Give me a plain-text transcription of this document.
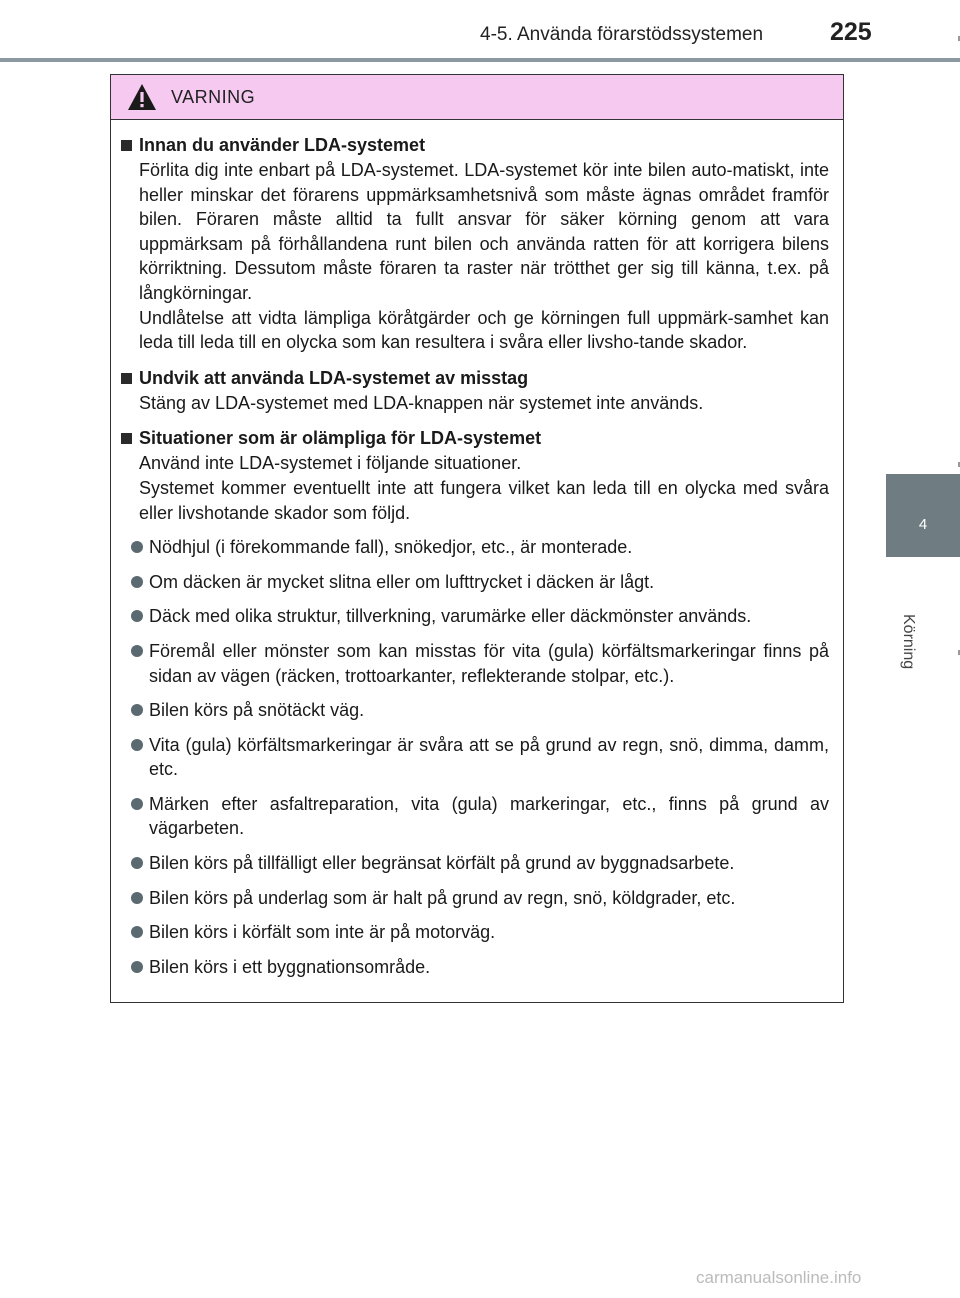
4-5. Använda förarstödssystemen	225
4
Körning
VARNING
Innan du använder LDA-systemet
Förlita dig inte enbart på LDA-systemet. LDA-systemet kör inte bilen auto-matiskt, inte heller minskar det förarens uppmärksamhetsnivå som måste ägnas området framför bilen. Föraren måste alltid ta fullt ansvar för säker körning genom att vara uppmärksam på förhållandena runt bilen och använda ratten för att korrigera bilens körriktning. Dessutom måste föraren ta raster när trötthet ger sig till känna, t.ex. på långkörningar.
Undlåtelse att vidta lämpliga köråtgärder och ge körningen full uppmärk-samhet kan leda till leda till en olycka som kan resultera i svåra eller livsho-tande skador.
Undvik att använda LDA-systemet av misstag
Stäng av LDA-systemet med LDA-knappen när systemet inte används.
Situationer som är olämpliga för LDA-systemet
Använd inte LDA-systemet i följande situationer.
Systemet kommer eventuellt inte att fungera vilket kan leda till en olycka med svåra eller livshotande skador som följd.
Nödhjul (i förekommande fall), snökedjor, etc., är monterade.
Om däcken är mycket slitna eller om lufttrycket i däcken är lågt.
Däck med olika struktur, tillverkning, varumärke eller däckmönster används.
Föremål eller mönster som kan misstas för vita (gula) körfältsmarkeringar finns på sidan av vägen (räcken, trottoarkanter, reflekterande stolpar, etc.).
Bilen körs på snötäckt väg.
Vita (gula) körfältsmarkeringar är svåra att se på grund av regn, snö, dimma, damm, etc.
Märken efter asfaltreparation, vita (gula) markeringar, etc., finns på grund av vägarbeten.
Bilen körs på tillfälligt eller begränsat körfält på grund av byggnadsarbete.
Bilen körs på underlag som är halt på grund av regn, snö, köldgrader, etc.
Bilen körs i körfält som inte är på motorväg.
Bilen körs i ett byggnationsområde.
carmanualsonline.info
